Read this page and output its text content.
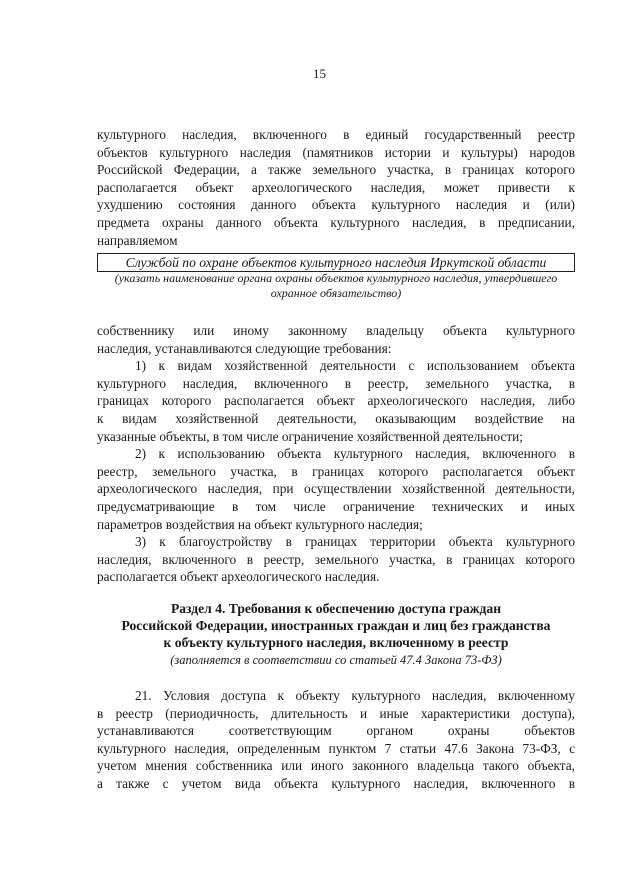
15
культурного наследия, включенного в единый государственный реестр
объектов культурного наследия (памятников истории и культуры) народов
Российской Федерации, а также земельного участка, в границах которого
располагается объект археологического наследия, может привести к
ухудшению состояния данного объекта культурного наследия и (или)
предмета охраны данного объекта культурного наследия, в предписании,
направляемом
Службой по охране объектов культурного наследия Иркутской области
(указать наименование органа охраны объектов культурного наследия, утвердившего
охранное обязательство)
собственнику или иному законному владельцу объекта культурного
наследия, устанавливаются следующие требования:
1) к видам хозяйственной деятельности с использованием объекта
культурного наследия, включенного в реестр, земельного участка, в
границах которого располагается объект археологического наследия, либо
к видам хозяйственной деятельности, оказывающим воздействие на
указанные объекты, в том числе ограничение хозяйственной деятельности;
2) к использованию объекта культурного наследия, включенного в
реестр, земельного участка, в границах которого располагается объект
археологического наследия, при осуществлении хозяйственной деятельности,
предусматривающие в том числе ограничение технических и иных
параметров воздействия на объект культурного наследия;
3) к благоустройству в границах территории объекта культурного
наследия, включенного в реестр, земельного участка, в границах которого
располагается объект археологического наследия.
Раздел 4. Требования к обеспечению доступа граждан
Российской Федерации, иностранных граждан и лиц без гражданства
к объекту культурного наследия, включенному в реестр
(заполняется в соответствии со статьей 47.4 Закона 73-ФЗ)
21. Условия доступа к объекту культурного наследия, включенному
в реестр (периодичность, длительность и иные характеристики доступа),
устанавливаются соответствующим органом охраны объектов
культурного наследия, определенным пунктом 7 статьи 47.6 Закона 73-ФЗ, с
учетом мнения собственника или иного законного владельца такого объекта,
а также с учетом вида объекта культурного наследия, включенного в
